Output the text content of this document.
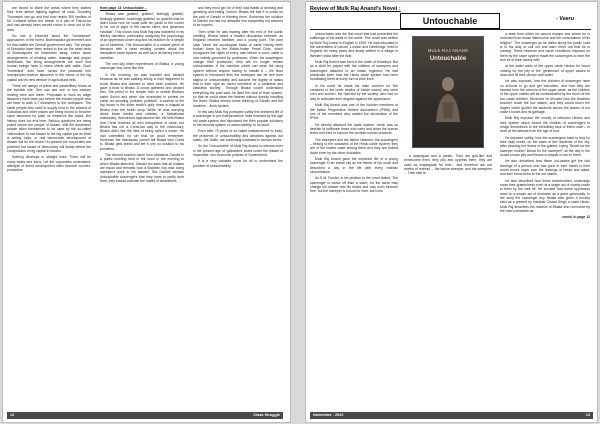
are forced to leave the areas where they started their lives afresh fighting against all odds. Doubling Thomases can go and find how nearly 300 families of NC Kuhiarai where the afresh in a part of Fulusa-tar and had already been served notice to clear out of the area.

No one is informed about the "homestead" approaches of the forest. Brahmaputra government and for that matter the Central government also. The people of Dhubalar have been asked to live as the dead beds of Brahmaputra for kilometers away. Leave alone arrangements of drinking water, drainage and proper livelihoods, the living arrangements are such that human beings have to share sheds with cattle. Such "homeland" acts have turned the peasants into unemployed reserve labourers in the towns of the big capital and its new venture in agricultural field.

There are camps of police and paramilitary forces at the eviction site. One can see one or two tractors moving here and there. Proposals to work as wage labourers have been put before the evicted people who will have to walk 4-7 kilometers to the workplace. The same people who used to supply food to the citizens of Guwahati and other places are being forced to become slave labourers for palm oil emperors like Adani. But history does not end here. Serious questions are being posed before the people of Assam. Will the Assamese people allow themselves to be used by the so-called 'nationalists' to eat Assam to the big capital just as Modi is selling India, or real democratic development of Assam will be the future? At present the corporates are powerful but cause of democracy will finally defeat the conspiracies of big capital in Assam.

Nothing develops in straight lines. There will be many twists and turns. Let the corporates understand: attempts of linear development often become counter-productive.

from page 13: Untouchable…

'Bhaka was grateful, grateful, fealingly grateful, fealingly grateful, touchingly grateful, so grateful that he didn't know how he could walk ten yards to the corner to be out of sight of the barren client; and generous Havildar'. This shows how Mulk Raj was masterful in his literary narration, particularly analyzing the psychology of an oppressed under dog and his reaction for a simple act of kindness. The Untouchable is a master-piece of literature with a heart rending content about the dissipative caste system, as well as in its literary form of narration.

The one day bitter experiences of Bhaka, a young scavenger boy, were like this:

In the morning, he was insulted and abused because as he was walking along, a man happened to touch Bhaka and claimed to have been polluted. He gave a blow to Bhaka. A crowd gathered and abused him. The priest in the temple tried to molest Bhaka's sister Sohini and when she screamed in protest he came out shouting 'polluted, polluted!'. A woman of the big house in the silver smith's gully threw a chapati at Bhaka from the fourth story. While he was worrying about these insults and criticism, a Salvationist missionary, Hutchinson approached him. He tells Bhaka that Christ receives all men irrespective of caste, but Bhaka has not a Christ-ian way to the missionary. Bhaka didn't like the idea of being called a sinner. He had committed no sin that he could remember. Moreover the missionary cannot tell Bhaka who Christ is. Bhaka gets bored and left it one no solution to his problems.

The second solution came from Mahatma Gandhi in a public meeting held in the town in the evening to which Bhaka attended. Gandhi too says that all Indians are equal and remarks how a Brahmin boy was doing sweeper's work in his ashram. But Gandhi advises untouchable scavengers that they have to purify their lives, they should cultivate the habits of cleanliness

and they must get rid of their bad habits of drinking and gambling and eating Carrion. Bhaka felt that it is unfair on the part of Gandhi in blaming them. Somehow the solution of Gandhi too had not attracted him completely but seemed to be hopeful.

Then while he was leaving after the end of the public meeting, Bhaka heard a heated discussion between an England returned barrister, and a young poet. The poet says "since the sociological basis of caste having been broken down by the British-Indian Penal Code, which recognizes the rights of every man before a court, caste is now mainly governed by profession. When the scavengers change their profession, they will no longer remain untouchables. If the machine which can clear the dung system without anyone having to handle it – the flush system is introduced then the sweepers can be free from stigma of untouchability and assume the dignity of status that is their right as useful members of a casteless and classless society". Through Bhaka could't understand everything the poet said, he liked the idea of flush system, so that he could clean the latrines without directly handling the feces. Bhaka returns home thinking of Gandhi and the machine – flush system.

In this way Mulk Raj portrayed vividly the wretched life of a scavenger in pre-independence India excused by the age old caste-system and discussed the then popular solutions to the heinous system of untouchability, to no avail.

Even after 75 years of so called independence to India, the problems of untouchability and atrocities against our caste– the Dalits, are continuing unabated in various forms.

So the 'Untouchable' of Mulk Raj Anand is relevant even in the present age of 'globalized' world under the diktats of imperialist, neo economic policies of Government.

It is a very valuable novel for all to understand the problem of untouchability.

12	Class Struggle
Review of Mulk Raj Anand's Novel :
Untouchable	- Veeru

Untouchable was the first novel that had presented the sufferings of the dalits to the world. This novel was written by Mulk Raj Anand in English in 1935. He was educated in the universities of Lahore, London and Cambridge, lived in England for many years and finally settled in a village in Western India after the War.

Mulk Raj Anand was born in the caste of Kshatriya. But as a child he played with the children of sweepers and scavengers attached to an Indian regiment. He had practically seen how the Hindu caste system had been humiliating them at every turn of their lives.

In his novel he made his main concern for 'the creatures in the lower depths of Indian society who were men and women, the rejected by the society, who had no way to articulate their anguish against the oppressors'.

Mulk Raj Anand was one of the founder members of the Indian Progressive Writers Association (IPWA) and one of the members who drafted the declaration of the IPWA.

He directly attacked the caste system, which was so devilish to suffocate those who carry and clean the human feces and tried to expose the unclean human products.

The sweepers and the latrine cleaners: the scavengers – belong to the outcastes of the Hindu caste system; they are of the lowest caste among them and they are looked down even by the other outcastes.

Mulk Raj Anand gave the wretched life of a young scavenger in an Indian city as the theme of his novel and described a day in the life with every realistic circumstance.

As E.M. Forster, in his preface to the novel stated, "the scavenger is worse off than a slave, for the slave may change his master and his duties and may even become free, but the sweeper is bound for ever, born into

MULK RAJ ANAND
Untouchable

a scapegoat and a pariah. They are god-like and benevolent even, they pity and oppress them, they are used as scapegoats for ever... and therefore are not worthy of redress ... the latrine sweeper, and the sweepers ... Their fate is...

a state from which he cannot escape and where he is excluded from social intercourse and the consolations of his religion". The scavenger as he walks along the public road is to his duty to call out and warn them out that he is coming. These inhuman and harsh conditions imposed on them by the caste system made the scavengers to form the true lot of their misery with

at the water wells of the upper caste Hindus for hours craving for the pity of the 'gentleman' of upper castes to draw and fill their pitcher with water.

He also exposed, how the children of scavenger have no schools to go and get education, and how they are banned from the schools of the upper caste, as the children of the upper castes will be contaminated by the touch of the low caste children. Moreover he showed how the teachers wouldn't teach the low castes, and they would touch the fingers which guided the students across the leaves of our caste's books and its garbage.

Mulk Raj exposed the cruelty of orthodox Hindus and their system which forced the children of scavengers to resign themselves to the hereditary task of theirs craft – to work at the latrines from the age of four.

He depicted vividly, how the scavengers have to beg for their daily bread, on the basis of the residents of the city, after cleaning the drains in the gutters, crying "Bread for the sweeper mother! Bread for the sweeper!" all the day in the house shows pity and throws a chapati or two to them.

He also described how these out-castes get the foul leavings of a person who has gone in their hands in their round boxes Inops over the leavings of bread and salad, and then throw them to the out castes.

He also described how these downtrodden, underdogs show their gratefulness even at a single act of charity made to them by the well off. He showed how these oppressed react to a simple act of kindness as a grant generosity. In the story the scavenger boy Bhaka was given a hockey stick as a present by Havildar Charat Singh a caste Hindu. Mulk Raj describes the reaction of Bhaka who overcome by the man's kindness as

contd. in page 12
November - 2022	13
